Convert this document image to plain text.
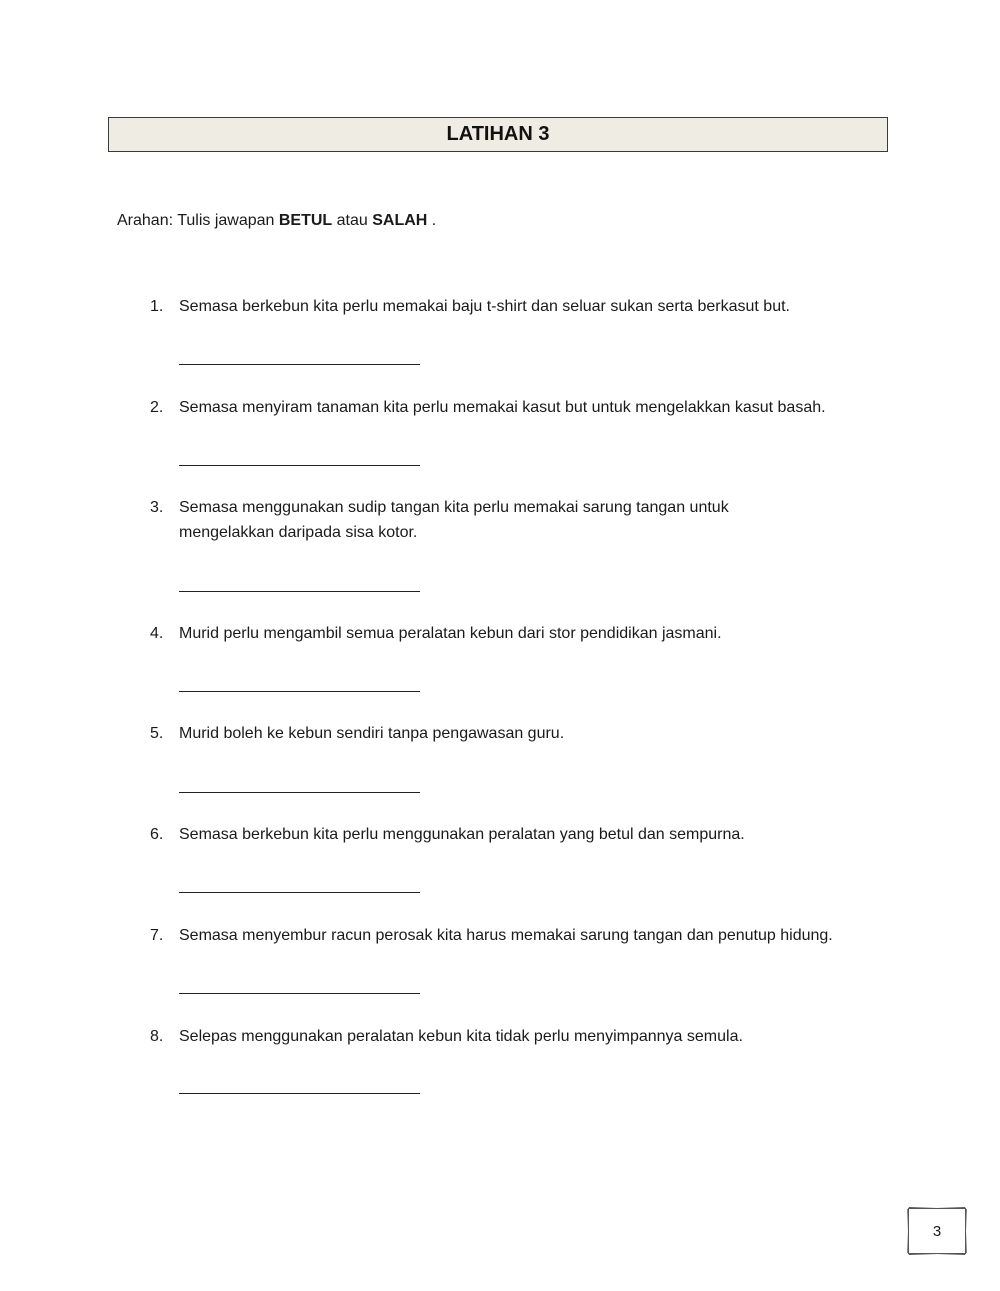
LATIHAN 3
Arahan: Tulis jawapan BETUL atau SALAH .
1. Semasa berkebun kita perlu memakai baju t-shirt dan seluar sukan serta berkasut but.
2. Semasa menyiram tanaman kita perlu memakai kasut but untuk mengelakkan kasut basah.
3. Semasa menggunakan sudip tangan kita perlu memakai sarung tangan untuk
mengelakkan daripada sisa kotor.
4. Murid perlu mengambil semua peralatan kebun dari stor pendidikan jasmani.
5. Murid boleh ke kebun sendiri tanpa pengawasan guru.
6. Semasa berkebun kita perlu menggunakan peralatan yang betul dan sempurna.
7. Semasa menyembur racun perosak kita harus memakai sarung tangan dan penutup hidung.
8. Selepas menggunakan peralatan kebun kita tidak perlu menyimpannya semula.
3
